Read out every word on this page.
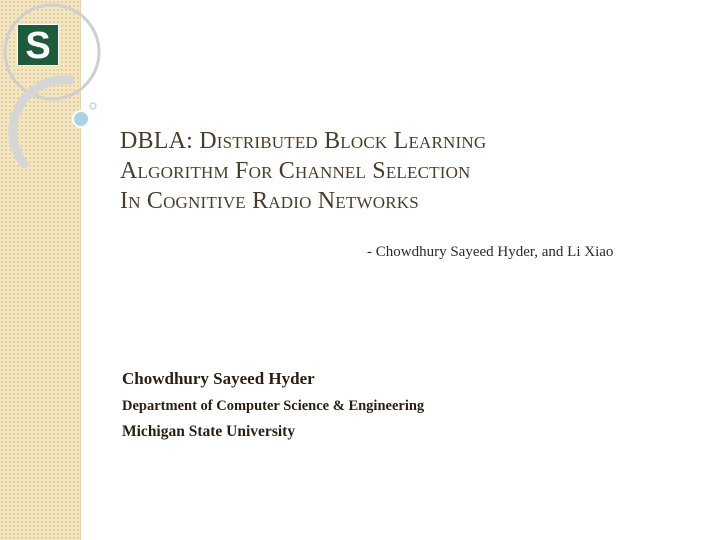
S
DBLA: Distributed Block Learning
Algorithm For Channel Selection
In Cognitive Radio Networks
- Chowdhury Sayeed Hyder, and Li Xiao
Chowdhury Sayeed Hyder
Department of Computer Science & Engineering
Michigan State University
